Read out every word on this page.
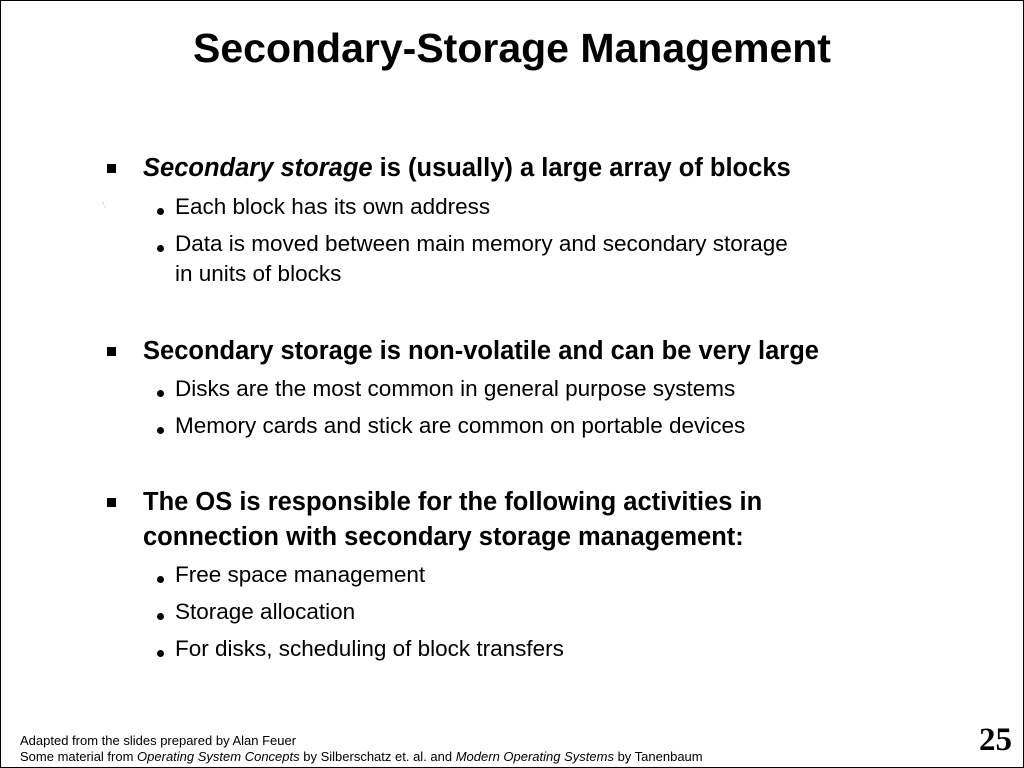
Secondary-Storage Management
Secondary storage is (usually) a large array of blocks
¹¸	Each block has its own address
Data is moved between main memory and secondary storage
in units of blocks
Secondary storage is non-volatile and can be very large
Disks are the most common in general purpose systems
Memory cards and stick are common on portable devices
The OS is responsible for the following activities in
connection with secondary storage management:
Free space management
Storage allocation
For disks, scheduling of block transfers
Adapted from the slides prepared by Alan Feuer
Some material from Operating System Concepts by Silberschatz et. al. and Modern Operating Systems by Tanenbaum	25
